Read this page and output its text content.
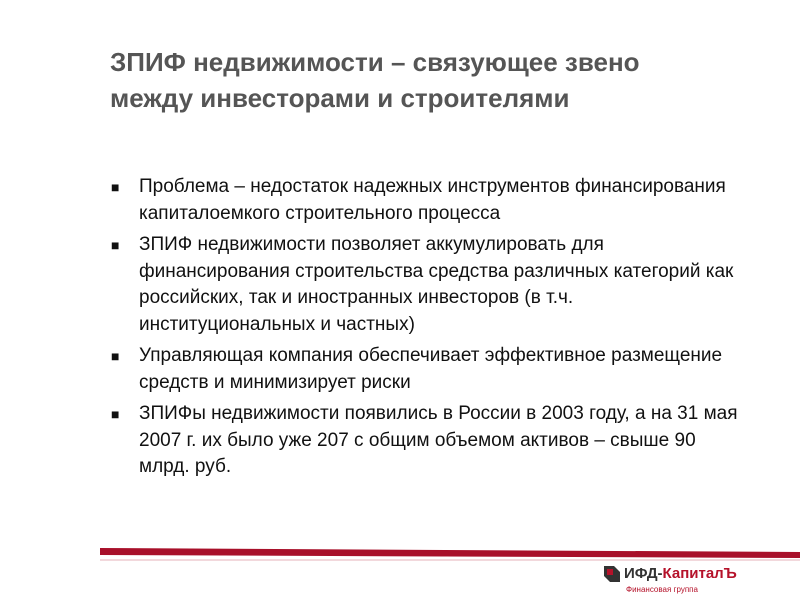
ЗПИФ недвижимости – связующее звено между инвесторами и строителями
■ Проблема – недостаток надежных инструментов финансирования капиталоемкого строительного процесса
■ ЗПИФ недвижимости позволяет аккумулировать для финансирования строительства средства различных категорий как российских, так и иностранных инвесторов (в т.ч. институциональных и частных)
■ Управляющая компания обеспечивает эффективное размещение средств и минимизирует риски
■ ЗПИФы недвижимости появились в России в 2003 году, а на 31 мая 2007 г. их было уже 207 с общим объемом активов – свыше 90 млрд. руб.
ИФД-КапиталЪ
Финансовая группа
